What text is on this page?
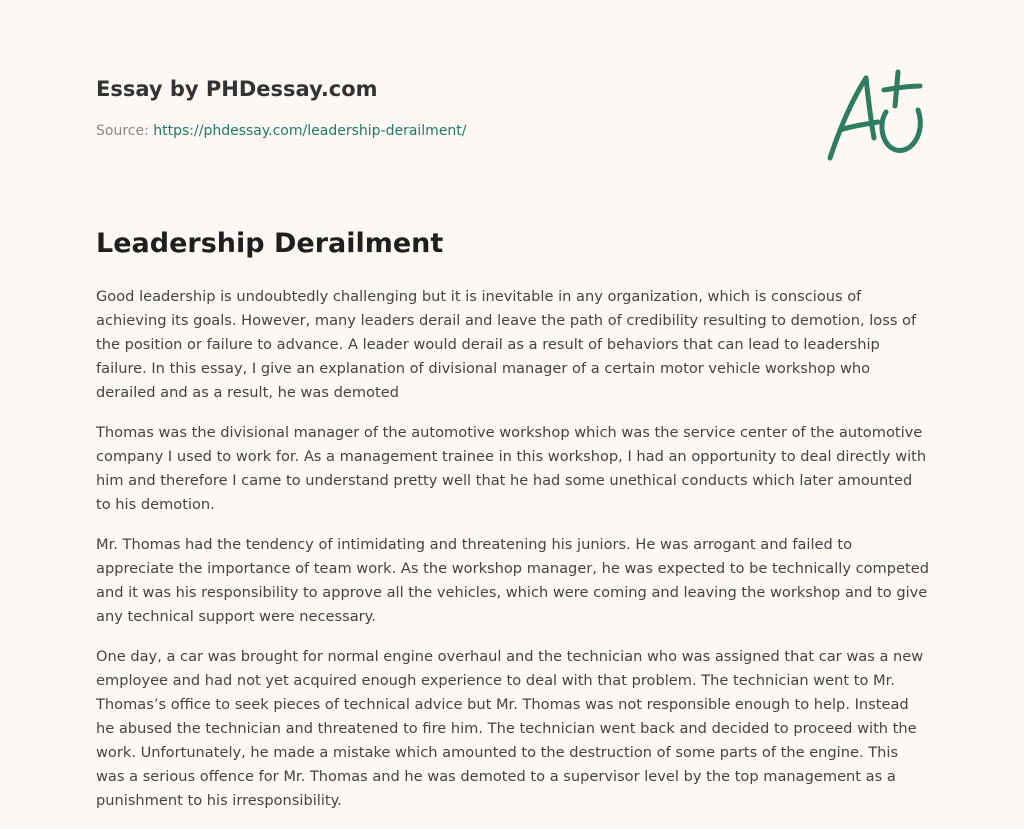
Essay by PHDessay.com
Source: https://phdessay.com/leadership-derailment/
Leadership Derailment

Good leadership is undoubtedly challenging but it is inevitable in any organization, which is conscious of achieving its goals. However, many leaders derail and leave the path of credibility resulting to demotion, loss of the position or failure to advance. A leader would derail as a result of behaviors that can lead to leadership failure. In this essay, I give an explanation of divisional manager of a certain motor vehicle workshop who derailed and as a result, he was demoted

Thomas was the divisional manager of the automotive workshop which was the service center of the automotive company I used to work for. As a management trainee in this workshop, I had an opportunity to deal directly with him and therefore I came to understand pretty well that he had some unethical conducts which later amounted to his demotion.

Mr. Thomas had the tendency of intimidating and threatening his juniors. He was arrogant and failed to appreciate the importance of team work. As the workshop manager, he was expected to be technically competed and it was his responsibility to approve all the vehicles, which were coming and leaving the workshop and to give any technical support were necessary.

One day, a car was brought for normal engine overhaul and the technician who was assigned that car was a new employee and had not yet acquired enough experience to deal with that problem. The technician went to Mr. Thomas’s office to seek pieces of technical advice but Mr. Thomas was not responsible enough to help. Instead he abused the technician and threatened to fire him. The technician went back and decided to proceed with the work. Unfortunately, he made a mistake which amounted to the destruction of some parts of the engine. This was a serious offence for Mr. Thomas and he was demoted to a supervisor level by the top management as a punishment to his irresponsibility.
